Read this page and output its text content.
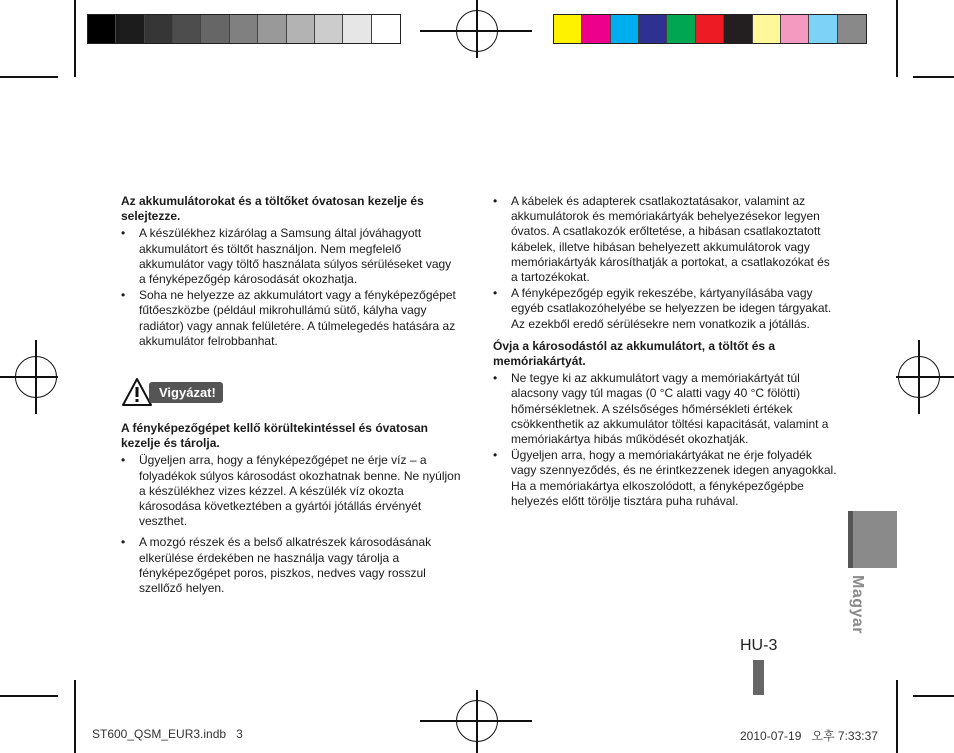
Az akkumulátorokat és a töltőket óvatosan kezelje és selejtezze.
• A készülékhez kizárólag a Samsung által jóváhagyott akkumulátort és töltőt használjon. Nem megfelelő akkumulátor vagy töltő használata súlyos sérüléseket vagy a fényképezőgép károsodását okozhatja.
• Soha ne helyezze az akkumulátort vagy a fényképezőgépet fűtőeszközbe (például mikrohullámú sütő, kályha vagy radiátor) vagy annak felületére. A túlmelegedés hatására az akkumulátor felrobbanhat.
Vigyázat!
A fényképezőgépet kellő körültekintéssel és óvatosan kezelje és tárolja.
• Ügyeljen arra, hogy a fényképezőgépet ne érje víz – a folyadékok súlyos károsodást okozhatnak benne. Ne nyúljon a készülékhez vizes kézzel. A készülék víz okozta károsodása következtében a gyártói jótállás érvényét veszthet.
• A mozgó részek és a belső alkatrészek károsodásának elkerülése érdekében ne használja vagy tárolja a fényképezőgépet poros, piszkos, nedves vagy rosszul szellőző helyen.
• A kábelek és adapterek csatlakoztatásakor, valamint az akkumulátorok és memóriakártyák behelyezésekor legyen óvatos. A csatlakozók erőltetése, a hibásan csatlakoztatott kábelek, illetve hibásan behelyezett akkumulátorok vagy memóriakártyák károsíthatják a portokat, a csatlakozókat és a tartozékokat.
• A fényképezőgép egyik rekeszébe, kártyanyílásába vagy egyéb csatlakozóhelyébe se helyezzen be idegen tárgyakat. Az ezekből eredő sérülésekre nem vonatkozik a jótállás.
Óvja a károsodástól az akkumulátort, a töltőt és a memóriakártyát.
• Ne tegye ki az akkumulátort vagy a memóriakártyát túl alacsony vagy túl magas (0 °C alatti vagy 40 °C fölötti) hőmérsékletnek. A szélsőséges hőmérsékleti értékek csökkenthetik az akkumulátor töltési kapacitását, valamint a memóriakártya hibás működését okozhatják.
• Ügyeljen arra, hogy a memóriakártyákat ne érje folyadék vagy szennyeződés, és ne érintkezzenek idegen anyagokkal. Ha a memóriakártya elkoszolódott, a fényképezőgépbe helyezés előtt törölje tisztára puha ruhával.
Magyar
HU-3
ST600_QSM_EUR3.indb   3	2010-07-19   오후 7:33:37
